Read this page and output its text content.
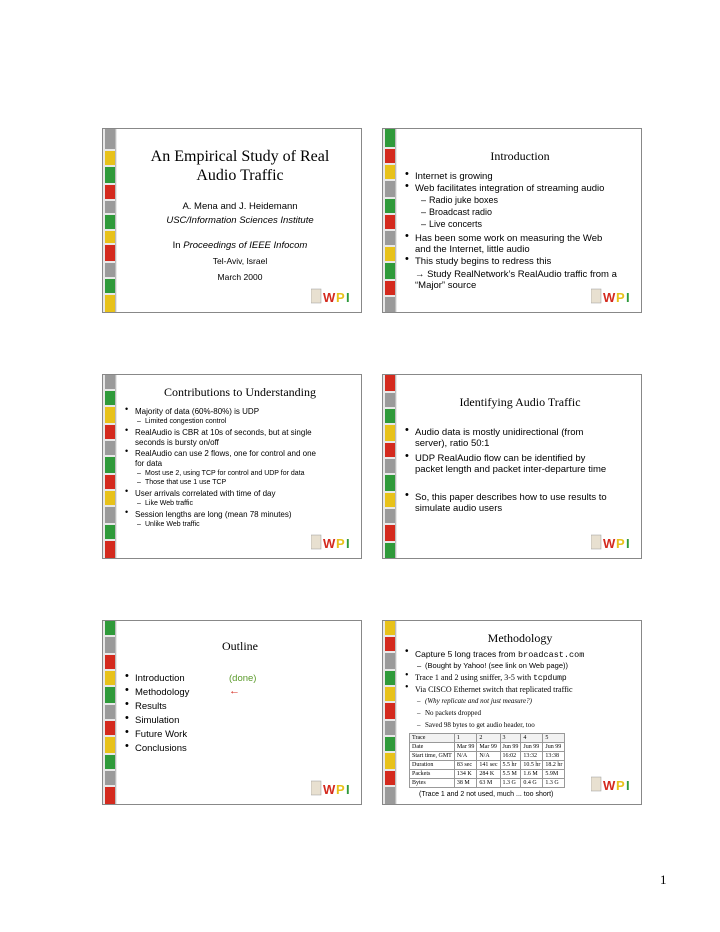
An Empirical Study of Real Audio Traffic
A. Mena and J. Heidemann
USC/Information Sciences Institute
In Proceedings of IEEE Infocom
Tel-Aviv, Israel
March 2000
W P I
Introduction
• Internet is growing
• Web facilitates integration of streaming audio
– Radio juke boxes
– Broadcast radio
– Live concerts
• Has been some work on measuring the Web
and the Internet, little audio
• This study begins to redress this
→ Study RealNetwork’s RealAudio traffic from a
“Major” source
W P I
Contributions to Understanding
• Majority of data (60%-80%) is UDP
– Limited congestion control
• RealAudio is CBR at 10s of seconds, but at single
seconds is bursty on/off
• RealAudio can use 2 flows, one for control and one
for data
– Most use 2, using TCP for control and UDP for data
– Those that use 1 use TCP
• User arrivals correlated with time of day
– Like Web traffic
• Session lengths are long (mean 78 minutes)
– Unlike Web traffic
W P I
Identifying Audio Traffic
• Audio data is mostly unidirectional (from
server), ratio 50:1
• UDP RealAudio flow can be identified by
packet length and packet inter-departure time
• So, this paper describes how to use results to
simulate audio users
W P I
Outline
• Introduction
• Methodology
• Results
• Simulation
• Future Work
• Conclusions
(done)
←
W P I
Methodology
• Capture 5 long traces from broadcast.com
– (Bought by Yahoo! (see link on Web page))
• Trace 1 and 2 using sniffer, 3-5 with tcpdump
• Via CISCO Ethernet switch that replicated traffic
– (Why replicate and not just measure?)
– No packets dropped
– Saved 98 bytes to get audio header, too
Trace	1	2	3	4	5
Date	Mar 99	Mar 99	Jun 99	Jun 99	Jun 99
Start time, GMT	N/A	N/A	16:02	13:32	13:38
Duration	83 sec	141 sec	5.5 hr	10.5 hr	18.2 hr
Packets	134 K	284 K	5.5 M	1.6 M	5.9M
Bytes	38 M	63 M	1.3 G	0.4 G	1.3 G
(Trace 1 and 2 not used, much ... too short)
W P I
1
